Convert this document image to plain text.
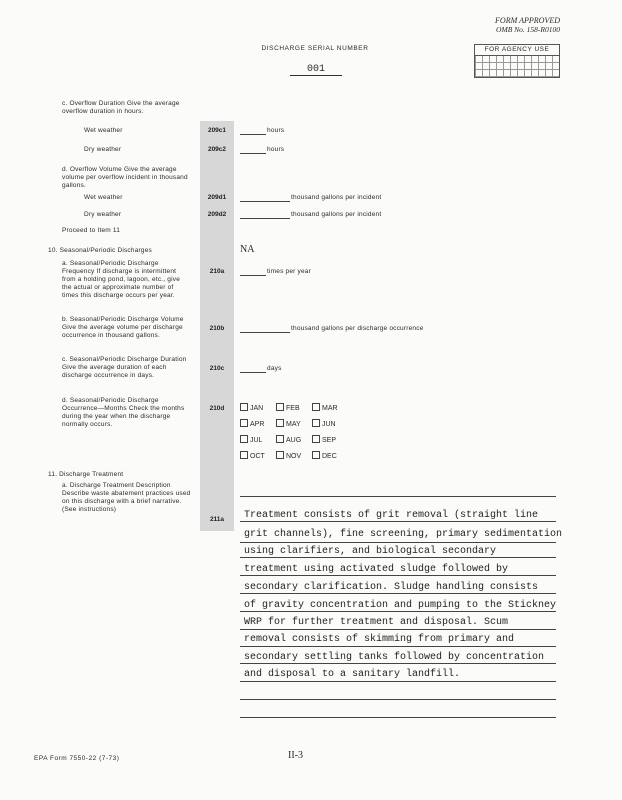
FORM APPROVED
OMB No. 158-R0100
FOR AGENCY USE
DISCHARGE SERIAL NUMBER
001
c. Overflow Duration Give the average overflow duration in hours.
Wet weather	209c1	hours
Dry weather	209c2	hours
d. Overflow Volume Give the average volume per overflow incident in thousand gallons.
Wet weather	209d1	thousand gallons per incident
Dry weather	209d2	thousand gallons per incident
Proceed to Item 11
10. Seasonal/Periodic Discharges	NA
a. Seasonal/Periodic Discharge Frequency If discharge is intermittent from a holding pond, lagoon, etc., give the actual or approximate number of times this discharge occurs per year.
210a	times per year
b. Seasonal/Periodic Discharge Volume Give the average volume per discharge occurrence in thousand gallons.
210b	thousand gallons per discharge occurrence
c. Seasonal/Periodic Discharge Duration Give the average duration of each discharge occurrence in days.
210c	days
d. Seasonal/Periodic Discharge Occurrence—Months Check the months during the year when the discharge normally occurs.
210d	JAN	FEB	MAR
APR	MAY	JUN
JUL	AUG	SEP
OCT	NOV	DEC
11. Discharge Treatment
a. Discharge Treatment Description Describe waste abatement practices used on this discharge with a brief narrative. (See instructions)
211a	Treatment consists of grit removal (straight line
grit channels), fine screening, primary sedimentation
using clarifiers, and biological secondary
treatment using activated sludge followed by
secondary clarification. Sludge handling consists
of gravity concentration and pumping to the Stickney
WRP for further treatment and disposal. Scum
removal consists of skimming from primary and
secondary settling tanks followed by concentration
and disposal to a sanitary landfill.
EPA Form 7550-22 (7-73)	II-3
